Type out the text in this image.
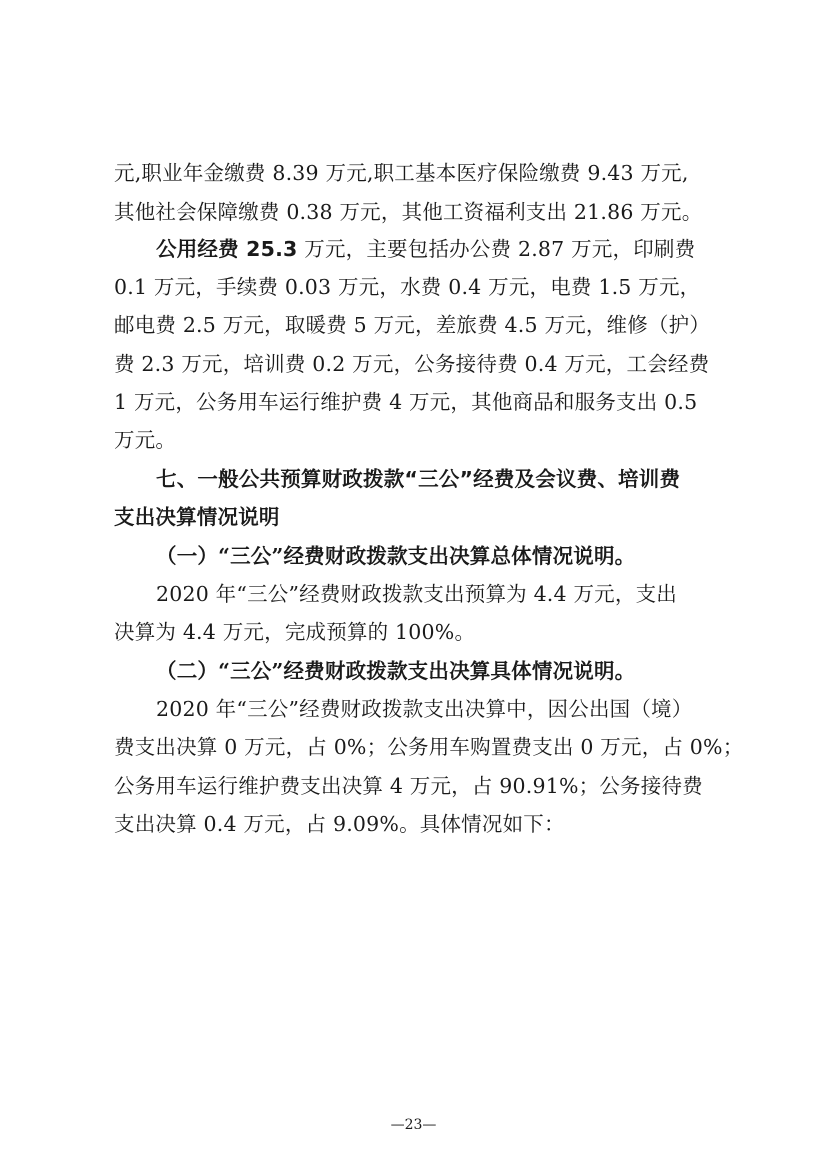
元,职业年金缴费 8.39 万元,职工基本医疗保险缴费 9.43 万元,
其他社会保障缴费 0.38 万元，其他工资福利支出 21.86 万元。
公用经费 25.3 万元，主要包括办公费 2.87 万元，印刷费
0.1 万元，手续费 0.03 万元，水费 0.4 万元，电费 1.5 万元，
邮电费 2.5 万元，取暖费 5 万元，差旅费 4.5 万元，维修（护）
费 2.3 万元，培训费 0.2 万元，公务接待费 0.4 万元，工会经费
1 万元，公务用车运行维护费 4 万元，其他商品和服务支出 0.5
万元。
七、一般公共预算财政拨款“三公”经费及会议费、培训费
支出决算情况说明
（一）“三公”经费财政拨款支出决算总体情况说明。
2020 年“三公”经费财政拨款支出预算为 4.4 万元，支出
决算为 4.4 万元，完成预算的 100%。
（二）“三公”经费财政拨款支出决算具体情况说明。
2020 年“三公”经费财政拨款支出决算中，因公出国（境）
费支出决算 0 万元，占 0%；公务用车购置费支出 0 万元，占 0%；
公务用车运行维护费支出决算 4 万元，占 90.91%；公务接待费
支出决算 0.4 万元，占 9.09%。具体情况如下：
—23—
